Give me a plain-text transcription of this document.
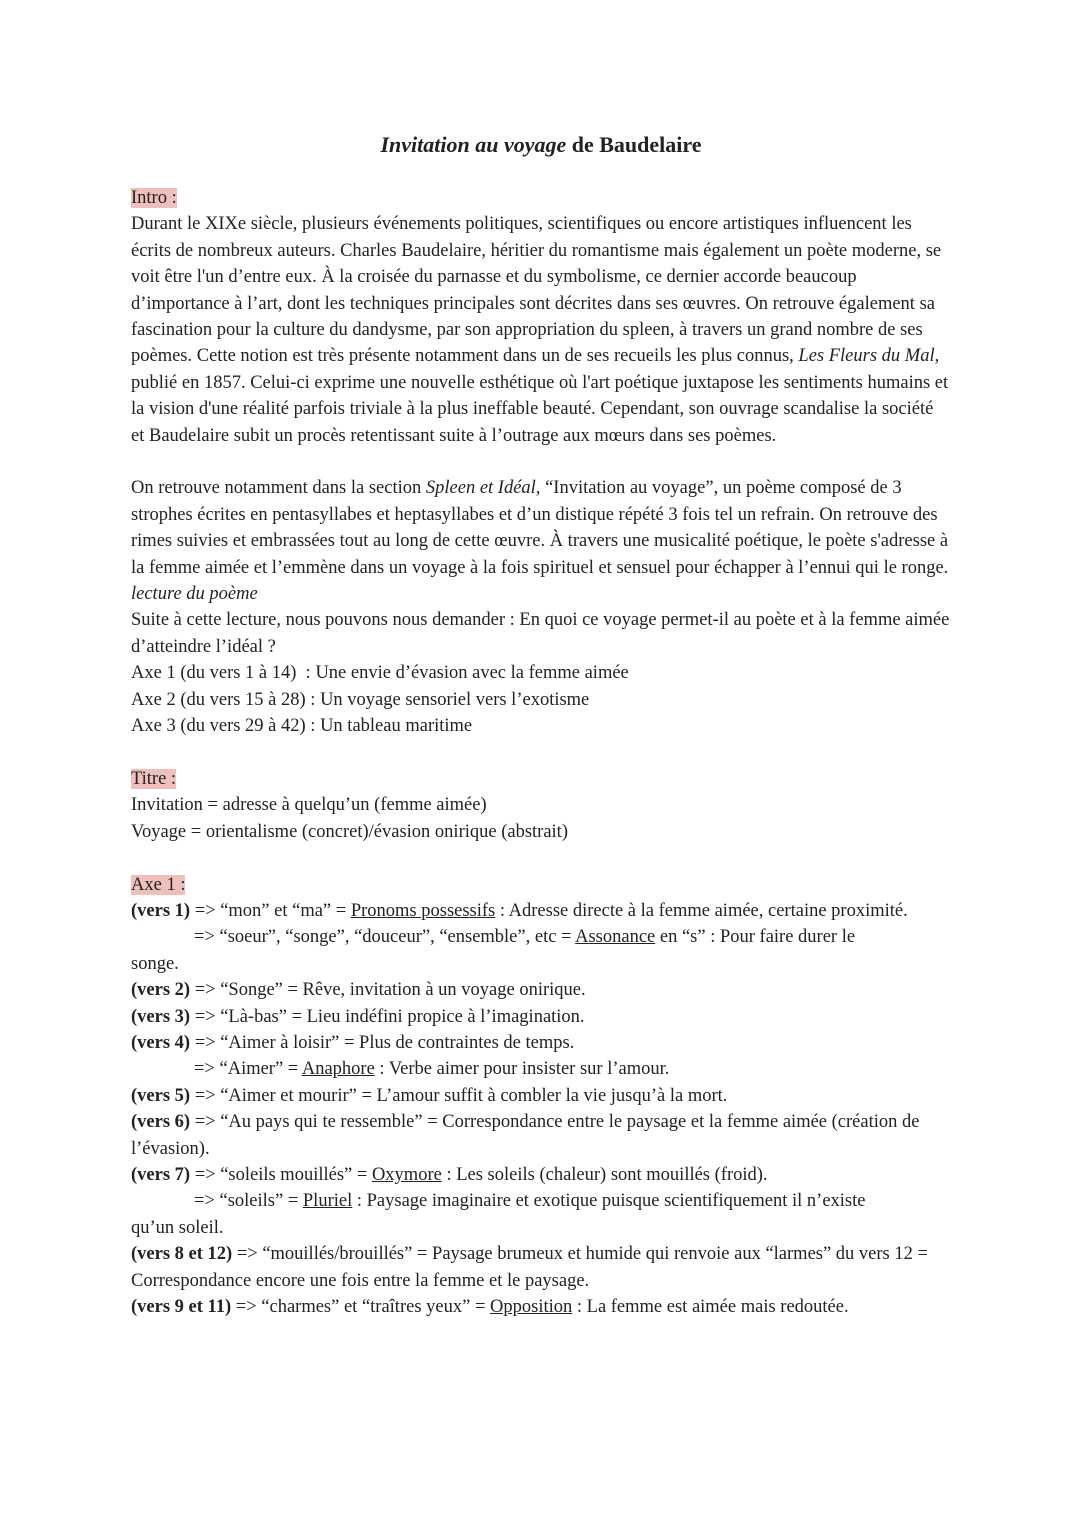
Invitation au voyage de Baudelaire

Intro :

Durant le XIXe siècle, plusieurs événements politiques, scientifiques ou encore artistiques influencent les écrits de nombreux auteurs. Charles Baudelaire, héritier du romantisme mais également un poète moderne, se voit être l'un d’entre eux. À la croisée du parnasse et du symbolisme, ce dernier accorde beaucoup d’importance à l’art, dont les techniques principales sont décrites dans ses œuvres. On retrouve également sa fascination pour la culture du dandysme, par son appropriation du spleen, à travers un grand nombre de ses poèmes. Cette notion est très présente notamment dans un de ses recueils les plus connus, Les Fleurs du Mal, publié en 1857. Celui-ci exprime une nouvelle esthétique où l'art poétique juxtapose les sentiments humains et la vision d'une réalité parfois triviale à la plus ineffable beauté. Cependant, son ouvrage scandalise la société et Baudelaire subit un procès retentissant suite à l’outrage aux mœurs dans ses poèmes.

On retrouve notamment dans la section Spleen et Idéal, “Invitation au voyage”, un poème composé de 3 strophes écrites en pentasyllabes et heptasyllabes et d’un distique répété 3 fois tel un refrain. On retrouve des rimes suivies et embrassées tout au long de cette œuvre. À travers une musicalité poétique, le poète s'adresse à la femme aimée et l’emmène dans un voyage à la fois spirituel et sensuel pour échapper à l’ennui qui le ronge.

lecture du poème

Suite à cette lecture, nous pouvons nous demander : En quoi ce voyage permet-il au poète et à la femme aimée d’atteindre l’idéal ?

Axe 1 (du vers 1 à 14)  : Une envie d’évasion avec la femme aimée

Axe 2 (du vers 15 à 28) : Un voyage sensoriel vers l’exotisme

Axe 3 (du vers 29 à 42) : Un tableau maritime

Titre :

Invitation = adresse à quelqu’un (femme aimée)

Voyage = orientalisme (concret)/évasion onirique (abstrait)

Axe 1 :

(vers 1) => “mon” et “ma” = Pronoms possessifs : Adresse directe à la femme aimée, certaine proximité.

=> “soeur”, “songe”, “douceur”, “ensemble”, etc = Assonance en “s” : Pour faire durer le

songe.

(vers 2) => “Songe” = Rêve, invitation à un voyage onirique.

(vers 3) => “Là-bas” = Lieu indéfini propice à l’imagination.

(vers 4) => “Aimer à loisir” = Plus de contraintes de temps.

=> “Aimer” = Anaphore : Verbe aimer pour insister sur l’amour.

(vers 5) => “Aimer et mourir” = L’amour suffit à combler la vie jusqu’à la mort.

(vers 6) => “Au pays qui te ressemble” = Correspondance entre le paysage et la femme aimée (création de l’évasion).

(vers 7) => “soleils mouillés” = Oxymore : Les soleils (chaleur) sont mouillés (froid).

=> “soleils” = Pluriel : Paysage imaginaire et exotique puisque scientifiquement il n’existe

qu’un soleil.

(vers 8 et 12) => “mouillés/brouillés” = Paysage brumeux et humide qui renvoie aux “larmes” du vers 12 = Correspondance encore une fois entre la femme et le paysage.

(vers 9 et 11) => “charmes” et “traîtres yeux” = Opposition : La femme est aimée mais redoutée.
